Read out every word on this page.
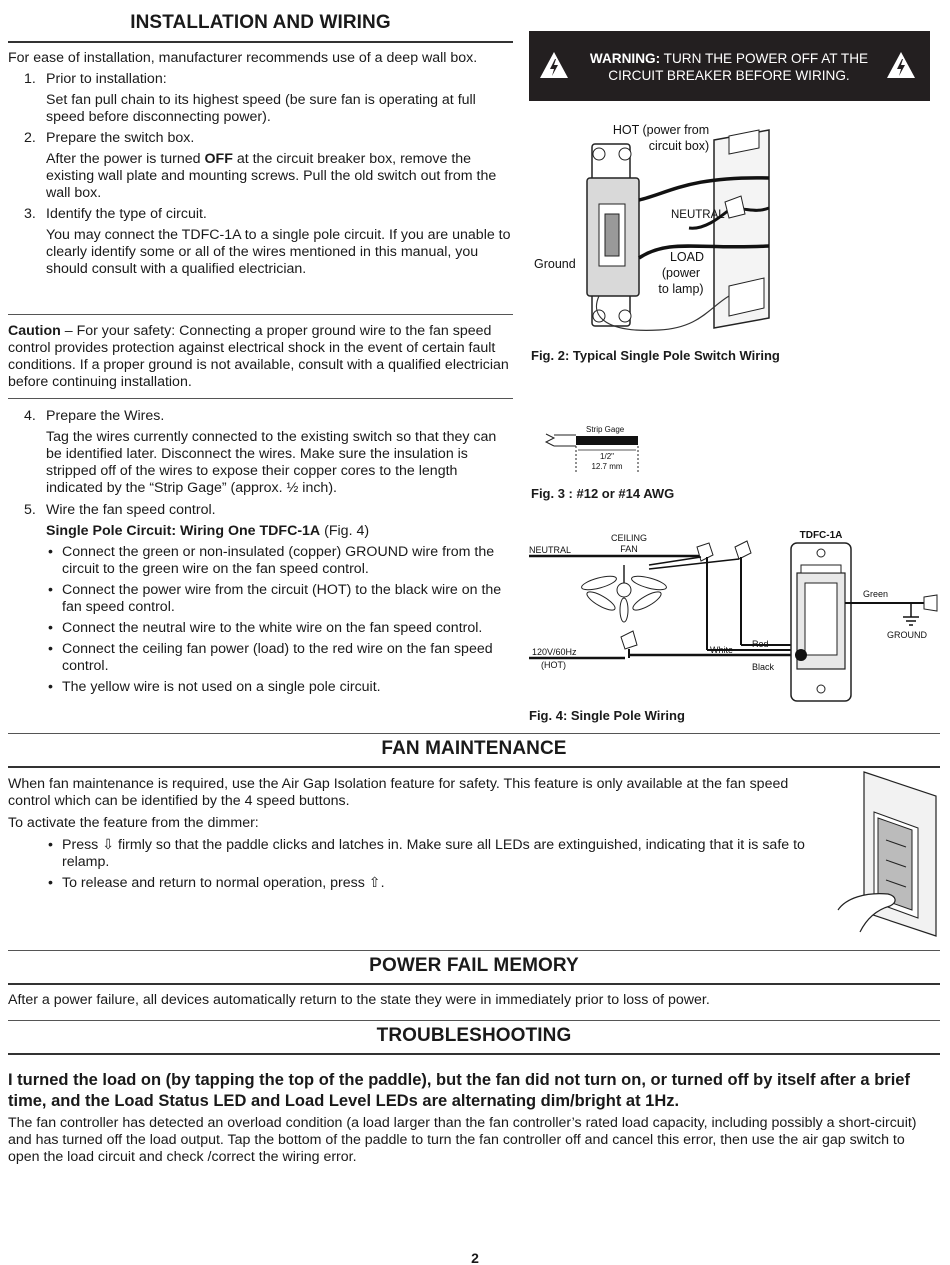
INSTALLATION AND WIRING

For ease of installation, manufacturer recommends use of a deep wall box.

1. Prior to installation:

Set fan pull chain to its highest speed (be sure fan is operating at full speed before disconnecting power).

2. Prepare the switch box.

After the power is turned OFF at the circuit breaker box, remove the existing wall plate and mounting screws. Pull the old switch out from the wall box.

3. Identify the type of circuit.

You may connect the TDFC-1A to a single pole circuit. If you are unable to clearly identify some or all of the wires mentioned in this manual, you should consult with a qualified electrician.

Caution – For your safety: Connecting a proper ground wire to the fan speed control provides protection against electrical shock in the event of certain fault conditions. If a proper ground is not available, consult with a qualified electrician before continuing installation.
4. Prepare the Wires.

Tag the wires currently connected to the existing switch so that they can be identified later. Disconnect the wires. Make sure the insulation is stripped off of the wires to expose their copper cores to the length indicated by the “Strip Gage” (approx. ½ inch).

5. Wire the fan speed control.

Single Pole Circuit: Wiring One TDFC-1A (Fig. 4)

• Connect the green or non-insulated (copper) GROUND wire from the circuit to the green wire on the fan speed control.

• Connect the power wire from the circuit (HOT) to the black wire on the fan speed control.

• Connect the neutral wire to the white wire on the fan speed control.

• Connect the ceiling fan power (load) to the red wire on the fan speed control.

• The yellow wire is not used on a single pole circuit.

WARNING: TURN THE POWER OFF AT THE CIRCUIT BREAKER BEFORE WIRING.
HOT (power from
circuit box)
NEUTRAL
Ground	LOAD
(power
to lamp)
Fig. 2: Typical Single Pole Switch Wiring
Strip Gage
1/2"
12.7 mm
Fig. 3 : #12 or #14 AWG
NEUTRAL
CEILING
FAN
TDFC-1A
120V/60Hz
(HOT)
White
Red
Black
Green
GROUND
Fig. 4: Single Pole Wiring
FAN MAINTENANCE

When fan maintenance is required, use the Air Gap Isolation feature for safety. This feature is only available at the fan speed control which can be identified by the 4 speed buttons.

To activate the feature from the dimmer:

• Press ⇩ firmly so that the paddle clicks and latches in. Make sure all LEDs are extinguished, indicating that it is safe to relamp.

• To release and return to normal operation, press ⇧.

POWER FAIL MEMORY
After a power failure, all devices automatically return to the state they were in immediately prior to loss of power.
TROUBLESHOOTING
I turned the load on (by tapping the top of the paddle), but the fan did not turn on, or turned off by itself after a brief time, and the Load Status LED and Load Level LEDs are alternating dim/bright at 1Hz.
The fan controller has detected an overload condition (a load larger than the fan controller’s rated load capacity, including possibly a short-circuit) and has turned off the load output. Tap the bottom of the paddle to turn the fan controller off and cancel this error, then use the air gap switch to open the load circuit and check /correct the wiring error.
2
